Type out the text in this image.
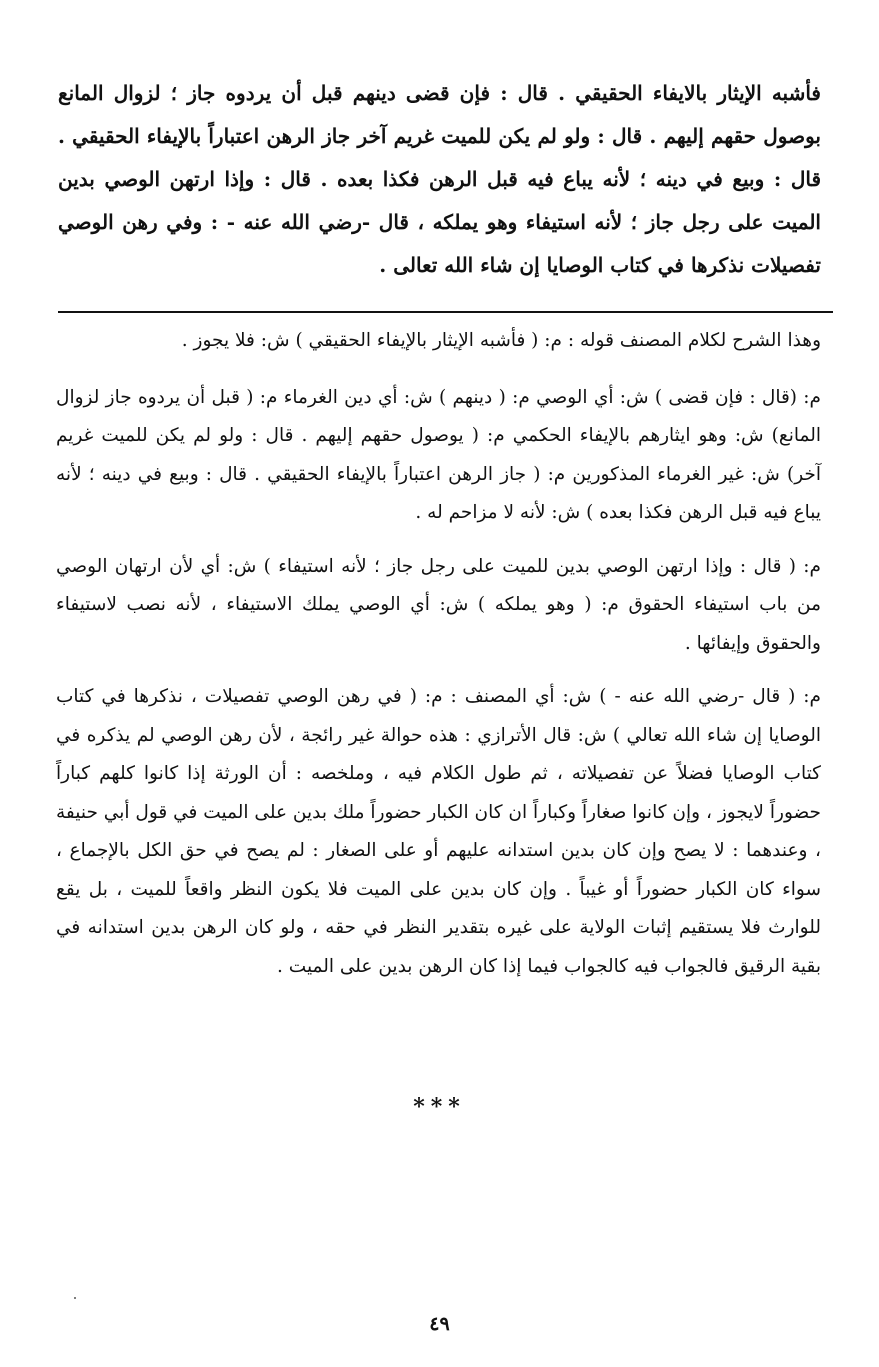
فأشبه الإيثار بالايفاء الحقيقي . قال : فإن قضى دينهم قبل أن يردوه جاز ؛ لزوال المانع بوصول حقهم إليهم . قال : ولو لم يكن للميت غريم آخر جاز الرهن اعتباراً بالإيفاء الحقيقي . قال : وبيع في دينه ؛ لأنه يباع فيه قبل الرهن فكذا بعده . قال : وإذا ارتهن الوصي بدين الميت على رجل جاز ؛ لأنه استيفاء وهو يملكه ، قال -رضي الله عنه - : وفي رهن الوصي تفصيلات نذكرها في كتاب الوصايا إن شاء الله تعالى .

وهذا الشرح لكلام المصنف قوله : م: ( فأشبه الإيثار بالإيفاء الحقيقي ) ش: فلا يجوز .

م: (قال : فإن قضى ) ش: أي الوصي م: ( دينهم ) ش: أي دين الغرماء م: ( قبل أن يردوه جاز لزوال المانع) ش: وهو ايثارهم بالإيفاء الحكمي م: ( يوصول حقهم إليهم . قال : ولو لم يكن للميت غريم آخر) ش: غير الغرماء المذكورين م: ( جاز الرهن اعتباراً بالإيفاء الحقيقي . قال : وبيع في دينه ؛ لأنه يباع فيه قبل الرهن فكذا بعده ) ش: لأنه لا مزاحم له .

م: ( قال : وإذا ارتهن الوصي بدين للميت على رجل جاز ؛ لأنه استيفاء ) ش: أي لأن ارتهان الوصي من باب استيفاء الحقوق م: ( وهو يملكه ) ش: أي الوصي يملك الاستيفاء ، لأنه نصب لاستيفاء والحقوق وإيفائها .

م: ( قال -رضي الله عنه - ) ش: أي المصنف : م: ( في رهن الوصي تفصيلات ، نذكرها في كتاب الوصايا إن شاء الله تعالي ) ش: قال الأترازي : هذه حوالة غير رائجة ، لأن رهن الوصي لم يذكره في كتاب الوصايا فضلاً عن تفصيلاته ، ثم طول الكلام فيه ، وملخصه : أن الورثة إذا كانوا كلهم كباراً حضوراً لايجوز ، وإن كانوا صغاراً وكباراً ان كان الكبار حضوراً ملك بدين على الميت في قول أبي حنيفة ، وعندهما : لا يصح وإن كان بدين استدانه عليهم أو على الصغار : لم يصح في حق الكل بالإجماع ، سواء كان الكبار حضوراً أو غيباً . وإن كان بدين على الميت فلا يكون النظر واقعاً للميت ، بل يقع للوارث فلا يستقيم إثبات الولاية على غيره بتقدير النظر في حقه ، ولو كان الرهن بدين استدانه في بقية الرقيق فالجواب فيه كالجواب فيما إذا كان الرهن بدين على الميت .

***
٤٩
